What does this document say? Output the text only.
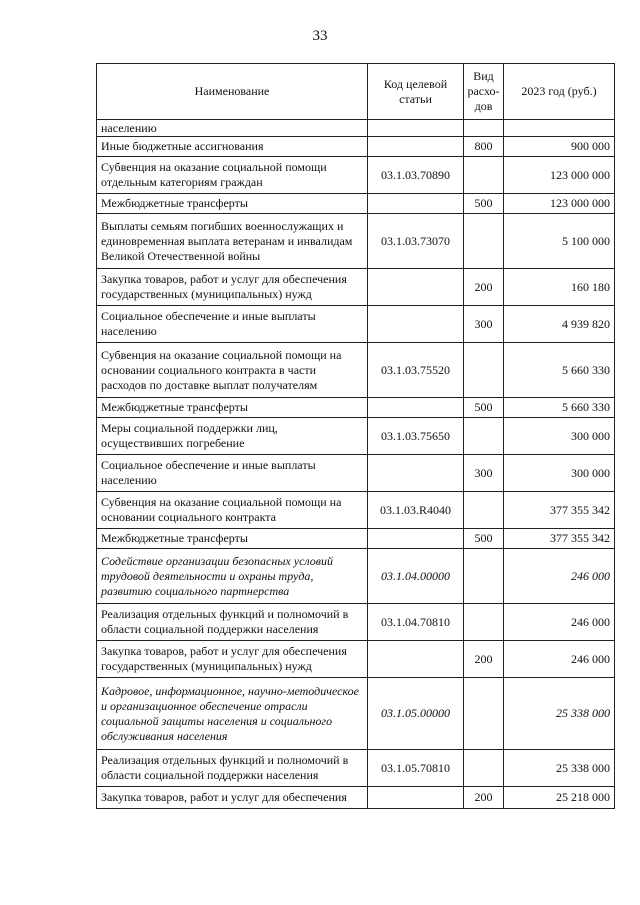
33
Наименование	Код целевой статьи	Вид расхо-дов	2023 год (руб.)
населению			
Иные бюджетные ассигнования		800	900 000
Субвенция на оказание социальной помощи отдельным категориям граждан	03.1.03.70890		123 000 000
Межбюджетные трансферты		500	123 000 000
Выплаты семьям погибших военнослужащих и единовременная выплата ветеранам и инвалидам Великой Отечественной войны	03.1.03.73070		5 100 000
Закупка товаров, работ и услуг для обеспечения государственных (муниципальных) нужд		200	160 180
Социальное обеспечение и иные выплаты населению		300	4 939 820
Субвенция на оказание социальной помощи на основании социального контракта в части расходов по доставке выплат получателям	03.1.03.75520		5 660 330
Межбюджетные трансферты		500	5 660 330
Меры социальной поддержки лиц, осуществивших погребение	03.1.03.75650		300 000
Социальное обеспечение и иные выплаты населению		300	300 000
Субвенция на оказание социальной помощи на основании социального контракта	03.1.03.R4040		377 355 342
Межбюджетные трансферты		500	377 355 342
Содействие организации безопасных условий трудовой деятельности и охраны труда, развитию социального партнерства	03.1.04.00000		246 000
Реализация отдельных функций и полномочий в области социальной поддержки населения	03.1.04.70810		246 000
Закупка товаров, работ и услуг для обеспечения государственных (муниципальных) нужд		200	246 000
Кадровое, информационное, научно-методическое и организационное обеспечение отрасли социальной защиты населения и социального обслуживания населения	03.1.05.00000		25 338 000
Реализация отдельных функций и полномочий в области социальной поддержки населения	03.1.05.70810		25 338 000
Закупка товаров, работ и услуг для обеспечения		200	25 218 000
